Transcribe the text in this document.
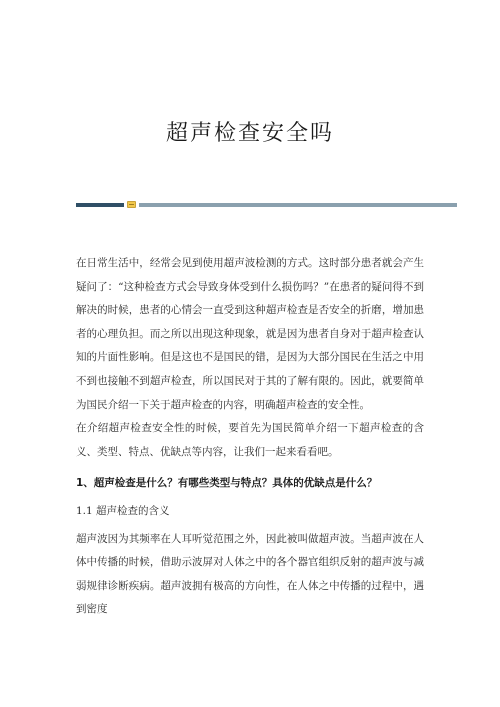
超声检查安全吗

在日常生活中，经常会见到使用超声波检测的方式。这时部分患者就会产生疑问了：“这种检查方式会导致身体受到什么损伤吗？”在患者的疑问得不到解决的时候，患者的心情会一直受到这种超声检查是否安全的折磨，增加患者的心理负担。而之所以出现这种现象，就是因为患者自身对于超声检查认知的片面性影响。但是这也不是国民的错，是因为大部分国民在生活之中用不到也接触不到超声检查，所以国民对于其的了解有限的。因此，就要简单为国民介绍一下关于超声检查的内容，明确超声检查的安全性。

在介绍超声检查安全性的时候，要首先为国民简单介绍一下超声检查的含义、类型、特点、优缺点等内容，让我们一起来看看吧。

1、超声检查是什么？有哪些类型与特点？具体的优缺点是什么？

1.1 超声检查的含义

超声波因为其频率在人耳听觉范围之外，因此被叫做超声波。当超声波在人体中传播的时候，借助示波屏对人体之中的各个器官组织反射的超声波与减弱规律诊断疾病。超声波拥有极高的方向性，在人体之中传播的过程中，遇到密度
